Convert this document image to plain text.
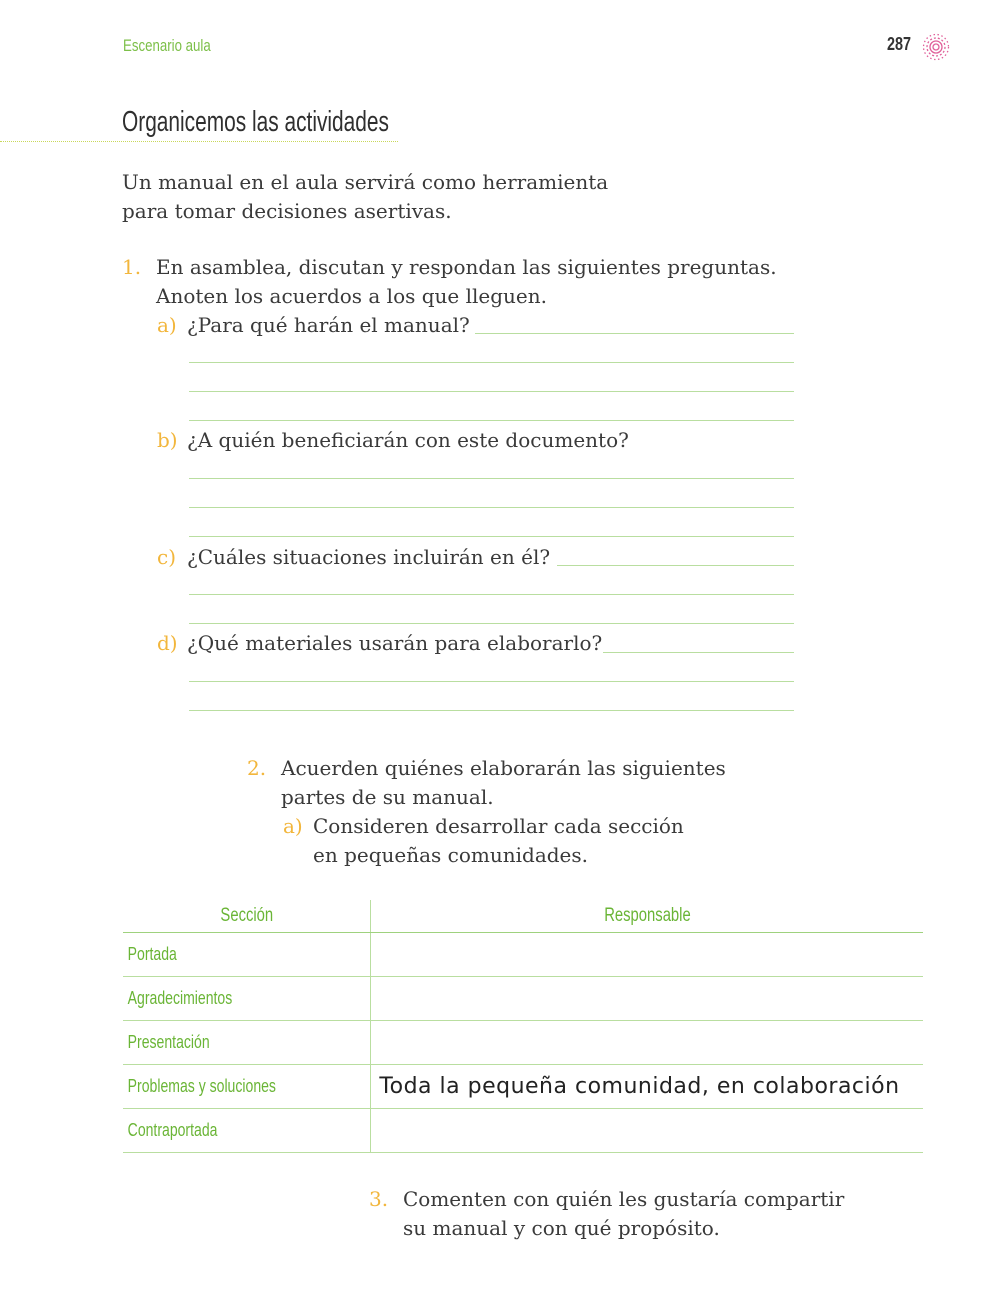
Escenario aula	287
Organicemos las actividades
Un manual en el aula servirá como herramienta
para tomar decisiones asertivas.
1. En asamblea, discutan y respondan las siguientes preguntas.
Anoten los acuerdos a los que lleguen.
a) ¿Para qué harán el manual?
b) ¿A quién beneficiarán con este documento?
c) ¿Cuáles situaciones incluirán en él?
d) ¿Qué materiales usarán para elaborarlo?
2. Acuerden quiénes elaborarán las siguientes
partes de su manual.
a) Consideren desarrollar cada sección
en pequeñas comunidades.
Sección	Responsable
Portada	
Agradecimientos	
Presentación	
Problemas y soluciones	Toda la pequeña comunidad, en colaboración
Contraportada	
3. Comenten con quién les gustaría compartir
su manual y con qué propósito.
